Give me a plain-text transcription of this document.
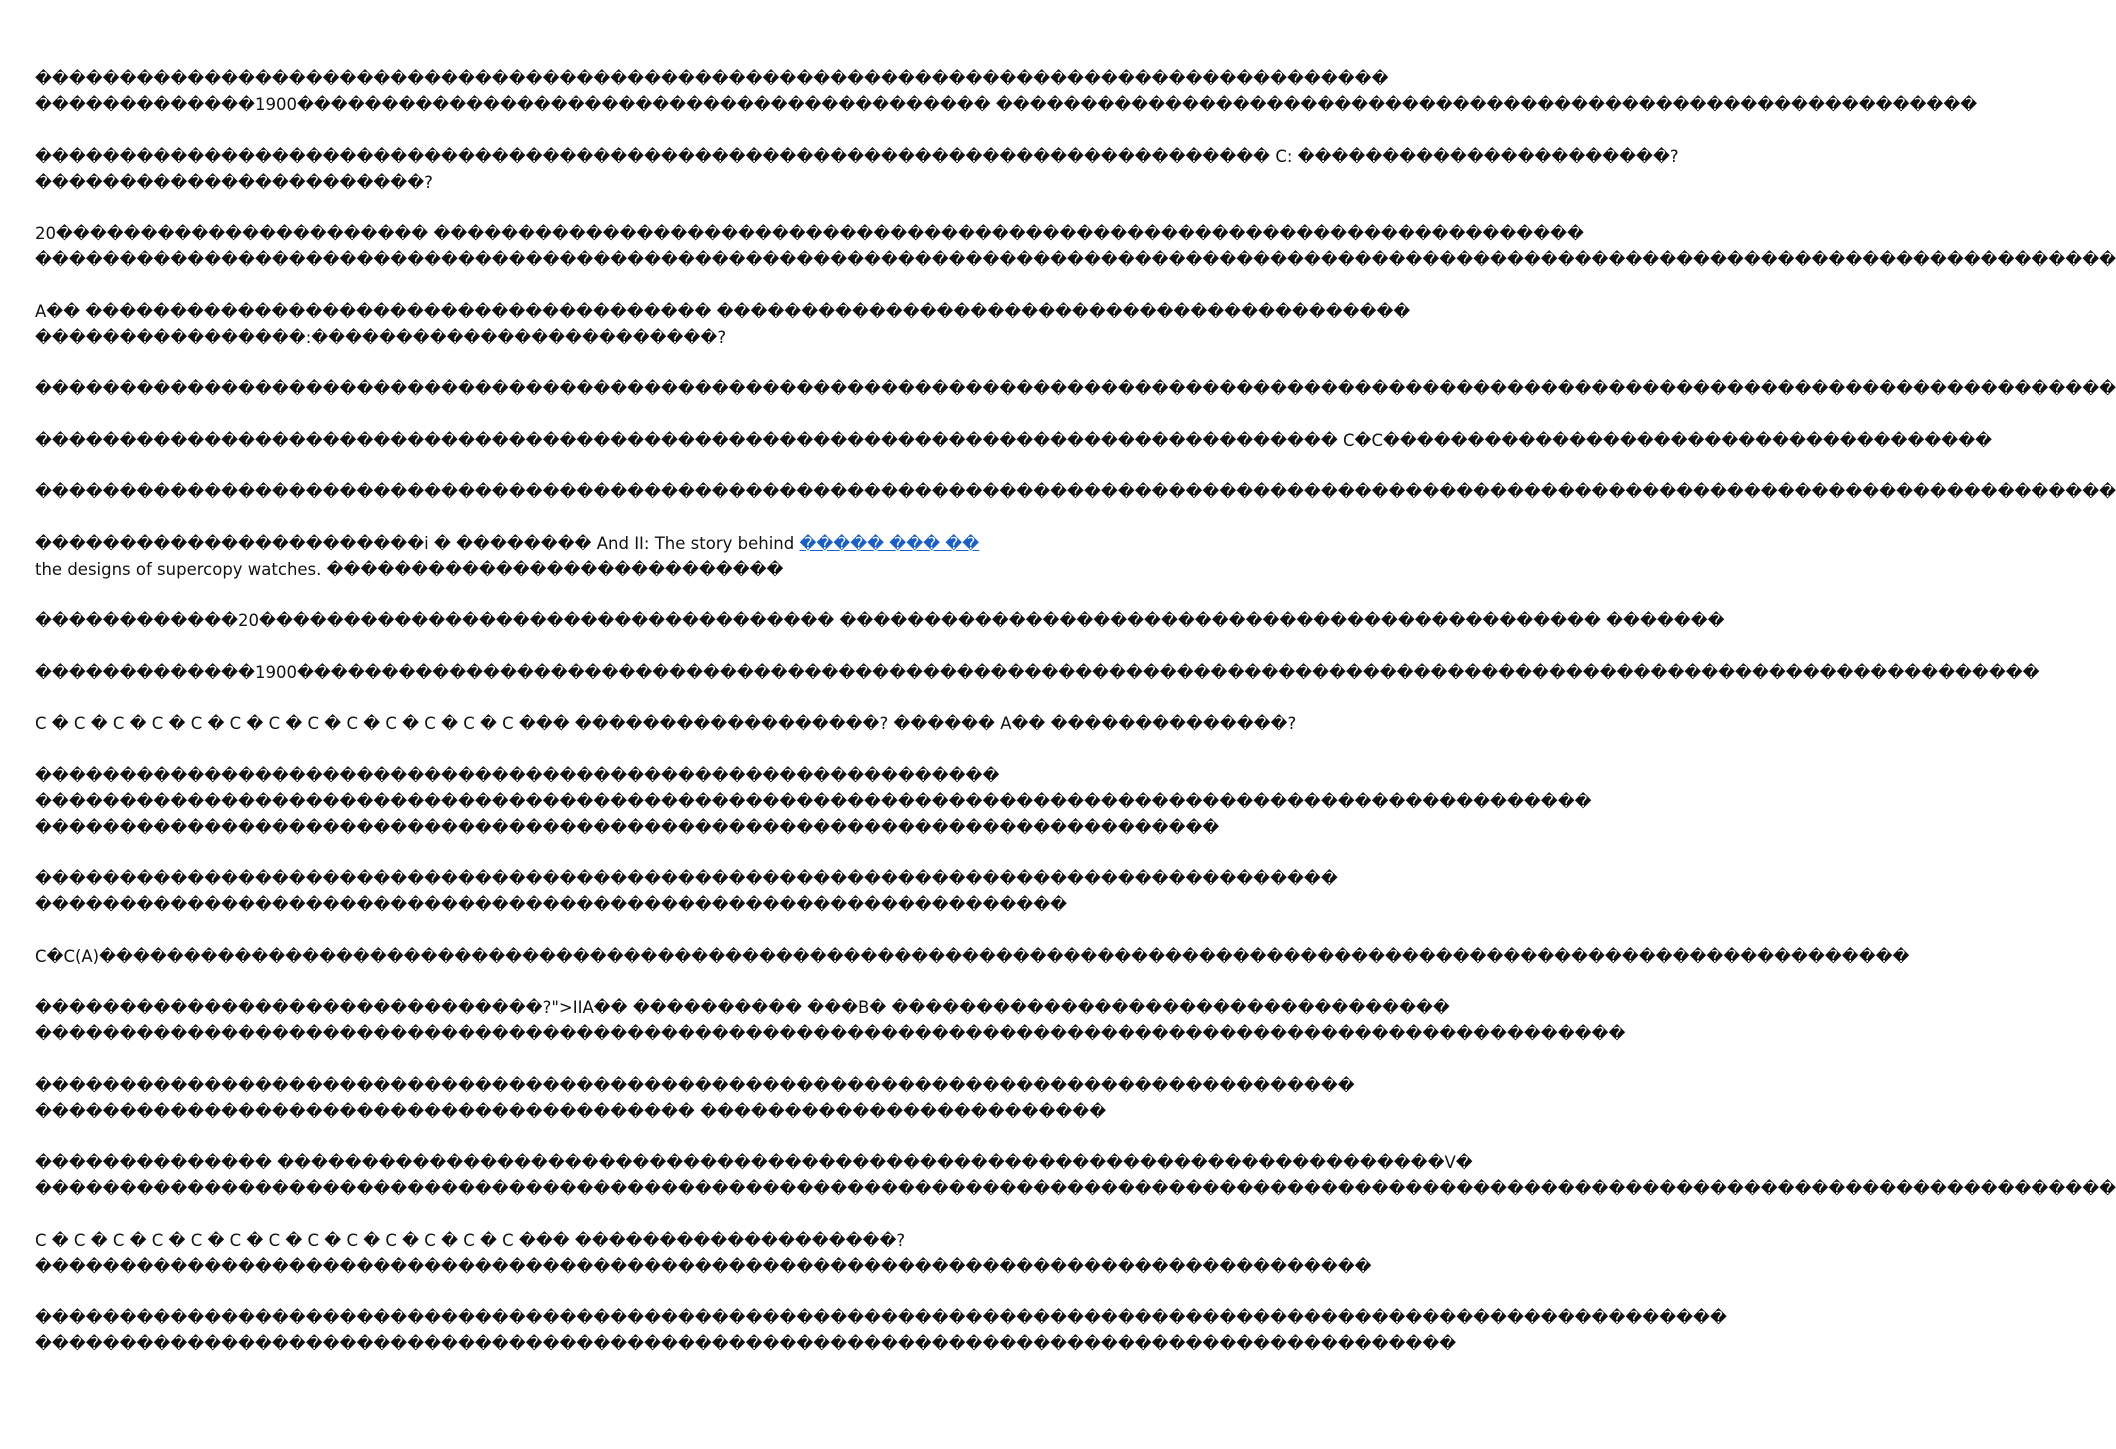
��������������������������������������������������������������������������������
�������������1900����������������������������������������� ����������������������������������������������������������

������������������������������������������������������������������������� C: ����������������������?
�����������������������?

20���������������������� ��������������������������������������������������������������������
���������������������������������������������������������������������������������������������������������������������������

A�� ������������������������������������� �����������������������������������������
����������������:������������������������?

���������������������������������������������������������������������������������������������������������������������������

����������������������������������������������������������������������������� C�C������������������������������������

���������������������������������������������������������������������������������������������������������������������������

�����������������������i � �������� And II: The story behind ����� ��� �� the designs of supercopy watches. ���������������������������

������������20���������������������������������� ��������������������������������������������� �������

�������������1900�������������������������������������������������������������������������������������������������������

C � C � C � C � C � C � C � C � C � C � C � C � C ��� ������������������? ������ A�� ��������������?

���������������������������������������������������������
��������������������������������������������������������������������������������������������
����������������������������������������������������������������������

�����������������������������������������������������������������������������
�������������������������������������������������������������

C�C(A)�����������������������������������������������������������������������������������������������������������

������������������������������?">IIA�� ���������� ���B� ���������������������������������
����������������������������������������������������������������������������������������������

������������������������������������������������������������������������������
��������������������������������������� ������������������������

�������������� ���������������������������������������������������������������������V�
���������������������������������������������������������������������������������������������������������������������������

C � C � C � C � C � C � C � C � C � C � C � C � C ��� �������������������?
�������������������������������������������������������������������������������

����������������������������������������������������������������������������������������������������
������������������������������������������������������������������������������������
